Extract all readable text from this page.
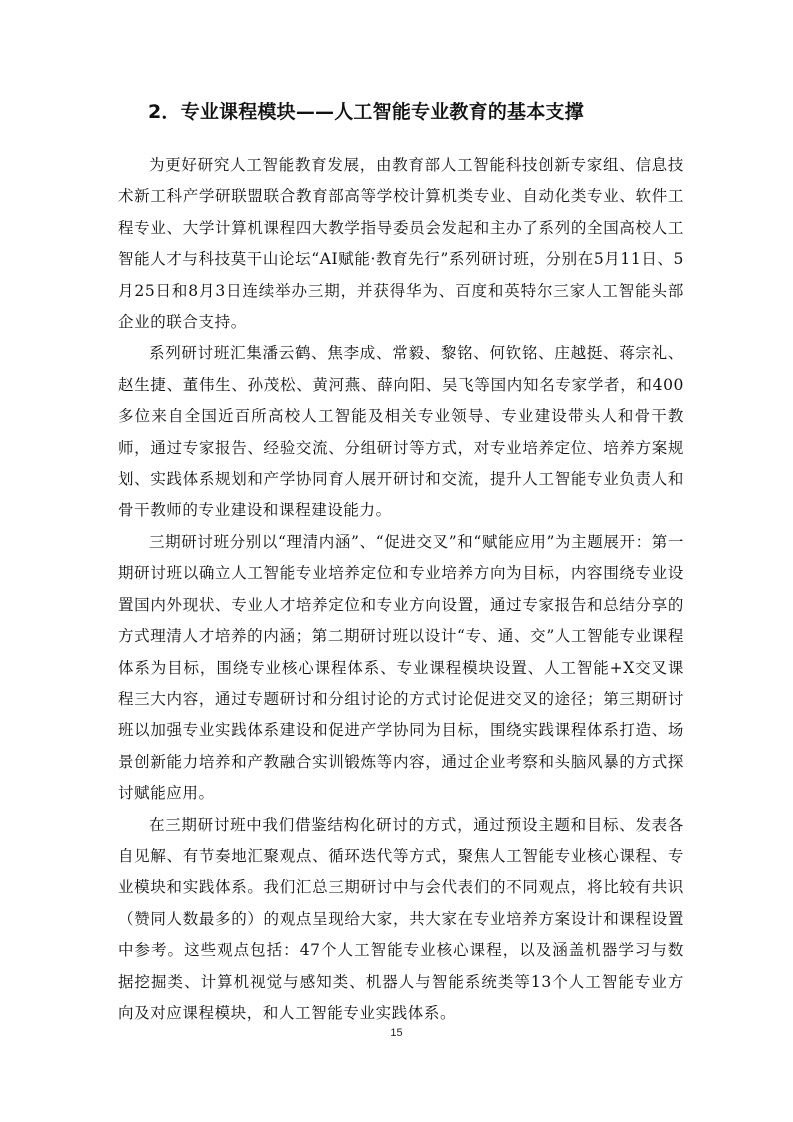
2．专业课程模块——人工智能专业教育的基本支撑

为更好研究人工智能教育发展，由教育部人工智能科技创新专家组、信息技术新工科产学研联盟联合教育部高等学校计算机类专业、自动化类专业、软件工程专业、大学计算机课程四大教学指导委员会发起和主办了系列的全国高校人工智能人才与科技莫干山论坛“AI赋能·教育先行”系列研讨班，分别在5月11日、5月25日和8月3日连续举办三期，并获得华为、百度和英特尔三家人工智能头部企业的联合支持。

系列研讨班汇集潘云鹤、焦李成、常毅、黎铭、何钦铭、庄越挺、蒋宗礼、赵生捷、董伟生、孙茂松、黄河燕、薛向阳、吴飞等国内知名专家学者，和400多位来自全国近百所高校人工智能及相关专业领导、专业建设带头人和骨干教师，通过专家报告、经验交流、分组研讨等方式，对专业培养定位、培养方案规划、实践体系规划和产学协同育人展开研讨和交流，提升人工智能专业负责人和骨干教师的专业建设和课程建设能力。

三期研讨班分别以“理清内涵”、“促进交叉”和“赋能应用”为主题展开：第一期研讨班以确立人工智能专业培养定位和专业培养方向为目标，内容围绕专业设置国内外现状、专业人才培养定位和专业方向设置，通过专家报告和总结分享的方式理清人才培养的内涵；第二期研讨班以设计“专、通、交”人工智能专业课程体系为目标，围绕专业核心课程体系、专业课程模块设置、人工智能+X交叉课程三大内容，通过专题研讨和分组讨论的方式讨论促进交叉的途径；第三期研讨班以加强专业实践体系建设和促进产学协同为目标，围绕实践课程体系打造、场景创新能力培养和产教融合实训锻炼等内容，通过企业考察和头脑风暴的方式探讨赋能应用。

在三期研讨班中我们借鉴结构化研讨的方式，通过预设主题和目标、发表各自见解、有节奏地汇聚观点、循环迭代等方式，聚焦人工智能专业核心课程、专业模块和实践体系。我们汇总三期研讨中与会代表们的不同观点，将比较有共识（赞同人数最多的）的观点呈现给大家，共大家在专业培养方案设计和课程设置中参考。这些观点包括：47个人工智能专业核心课程，以及涵盖机器学习与数据挖掘类、计算机视觉与感知类、机器人与智能系统类等13个人工智能专业方向及对应课程模块，和人工智能专业实践体系。

15
